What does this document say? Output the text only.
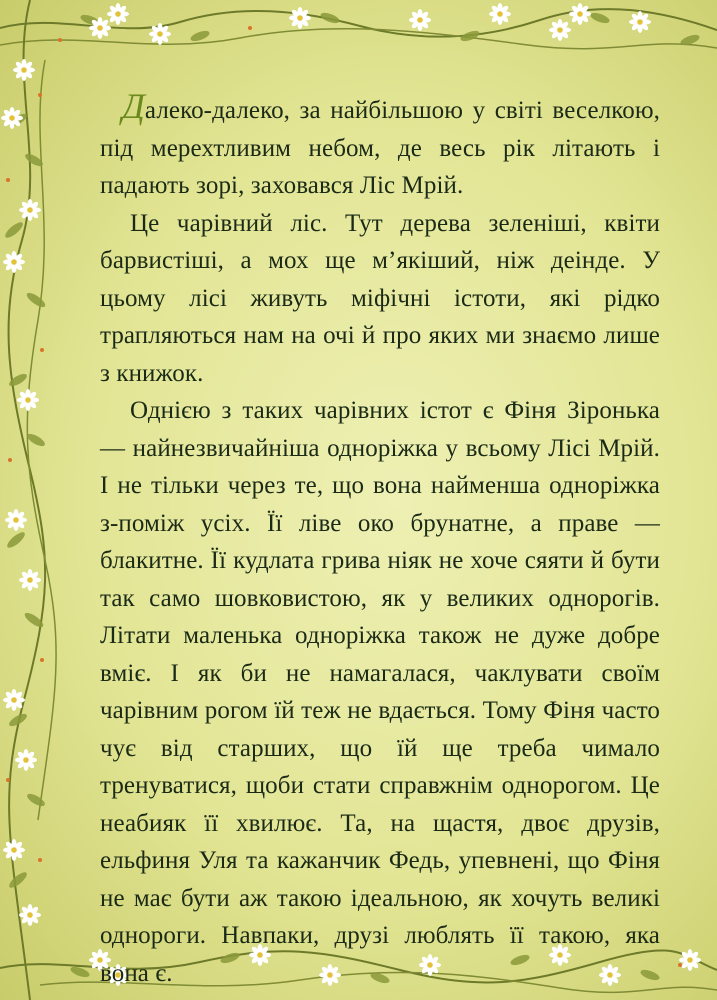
Далеко-далеко, за найбільшою у світі веселкою, під мерехтливим небом, де весь рік літають і падають зорі, заховався Ліс Мрій.

Це чарівний ліс. Тут дерева зеленіші, квіти барвистіші, а мох ще м’якіший, ніж деінде. У цьому лісі живуть міфічні істоти, які рідко трапляються нам на очі й про яких ми знаємо лише з книжок.

Однією з таких чарівних істот є Фіня Зіронька — найнезвичайніша одноріжка у всьому Лісі Мрій. І не тільки через те, що вона найменша одноріжка з-поміж усіх. Її ліве око брунатне, а праве — блакитне. Її кудлата грива ніяк не хоче сяяти й бути так само шовковистою, як у великих однорогів. Літати маленька одноріжка також не дуже добре вміє. І як би не намагалася, чаклувати своїм чарівним рогом їй теж не вдається. Тому Фіня часто чує від старших, що їй ще треба чимало тренуватися, щоби стати справжнім однорогом. Це неабияк її хвилює. Та, на щастя, двоє друзів, ельфиня Уля та кажанчик Федь, упевнені, що Фіня не має бути аж такою ідеальною, як хочуть великі однороги. Навпаки, друзі люблять її такою, яка вона є.
